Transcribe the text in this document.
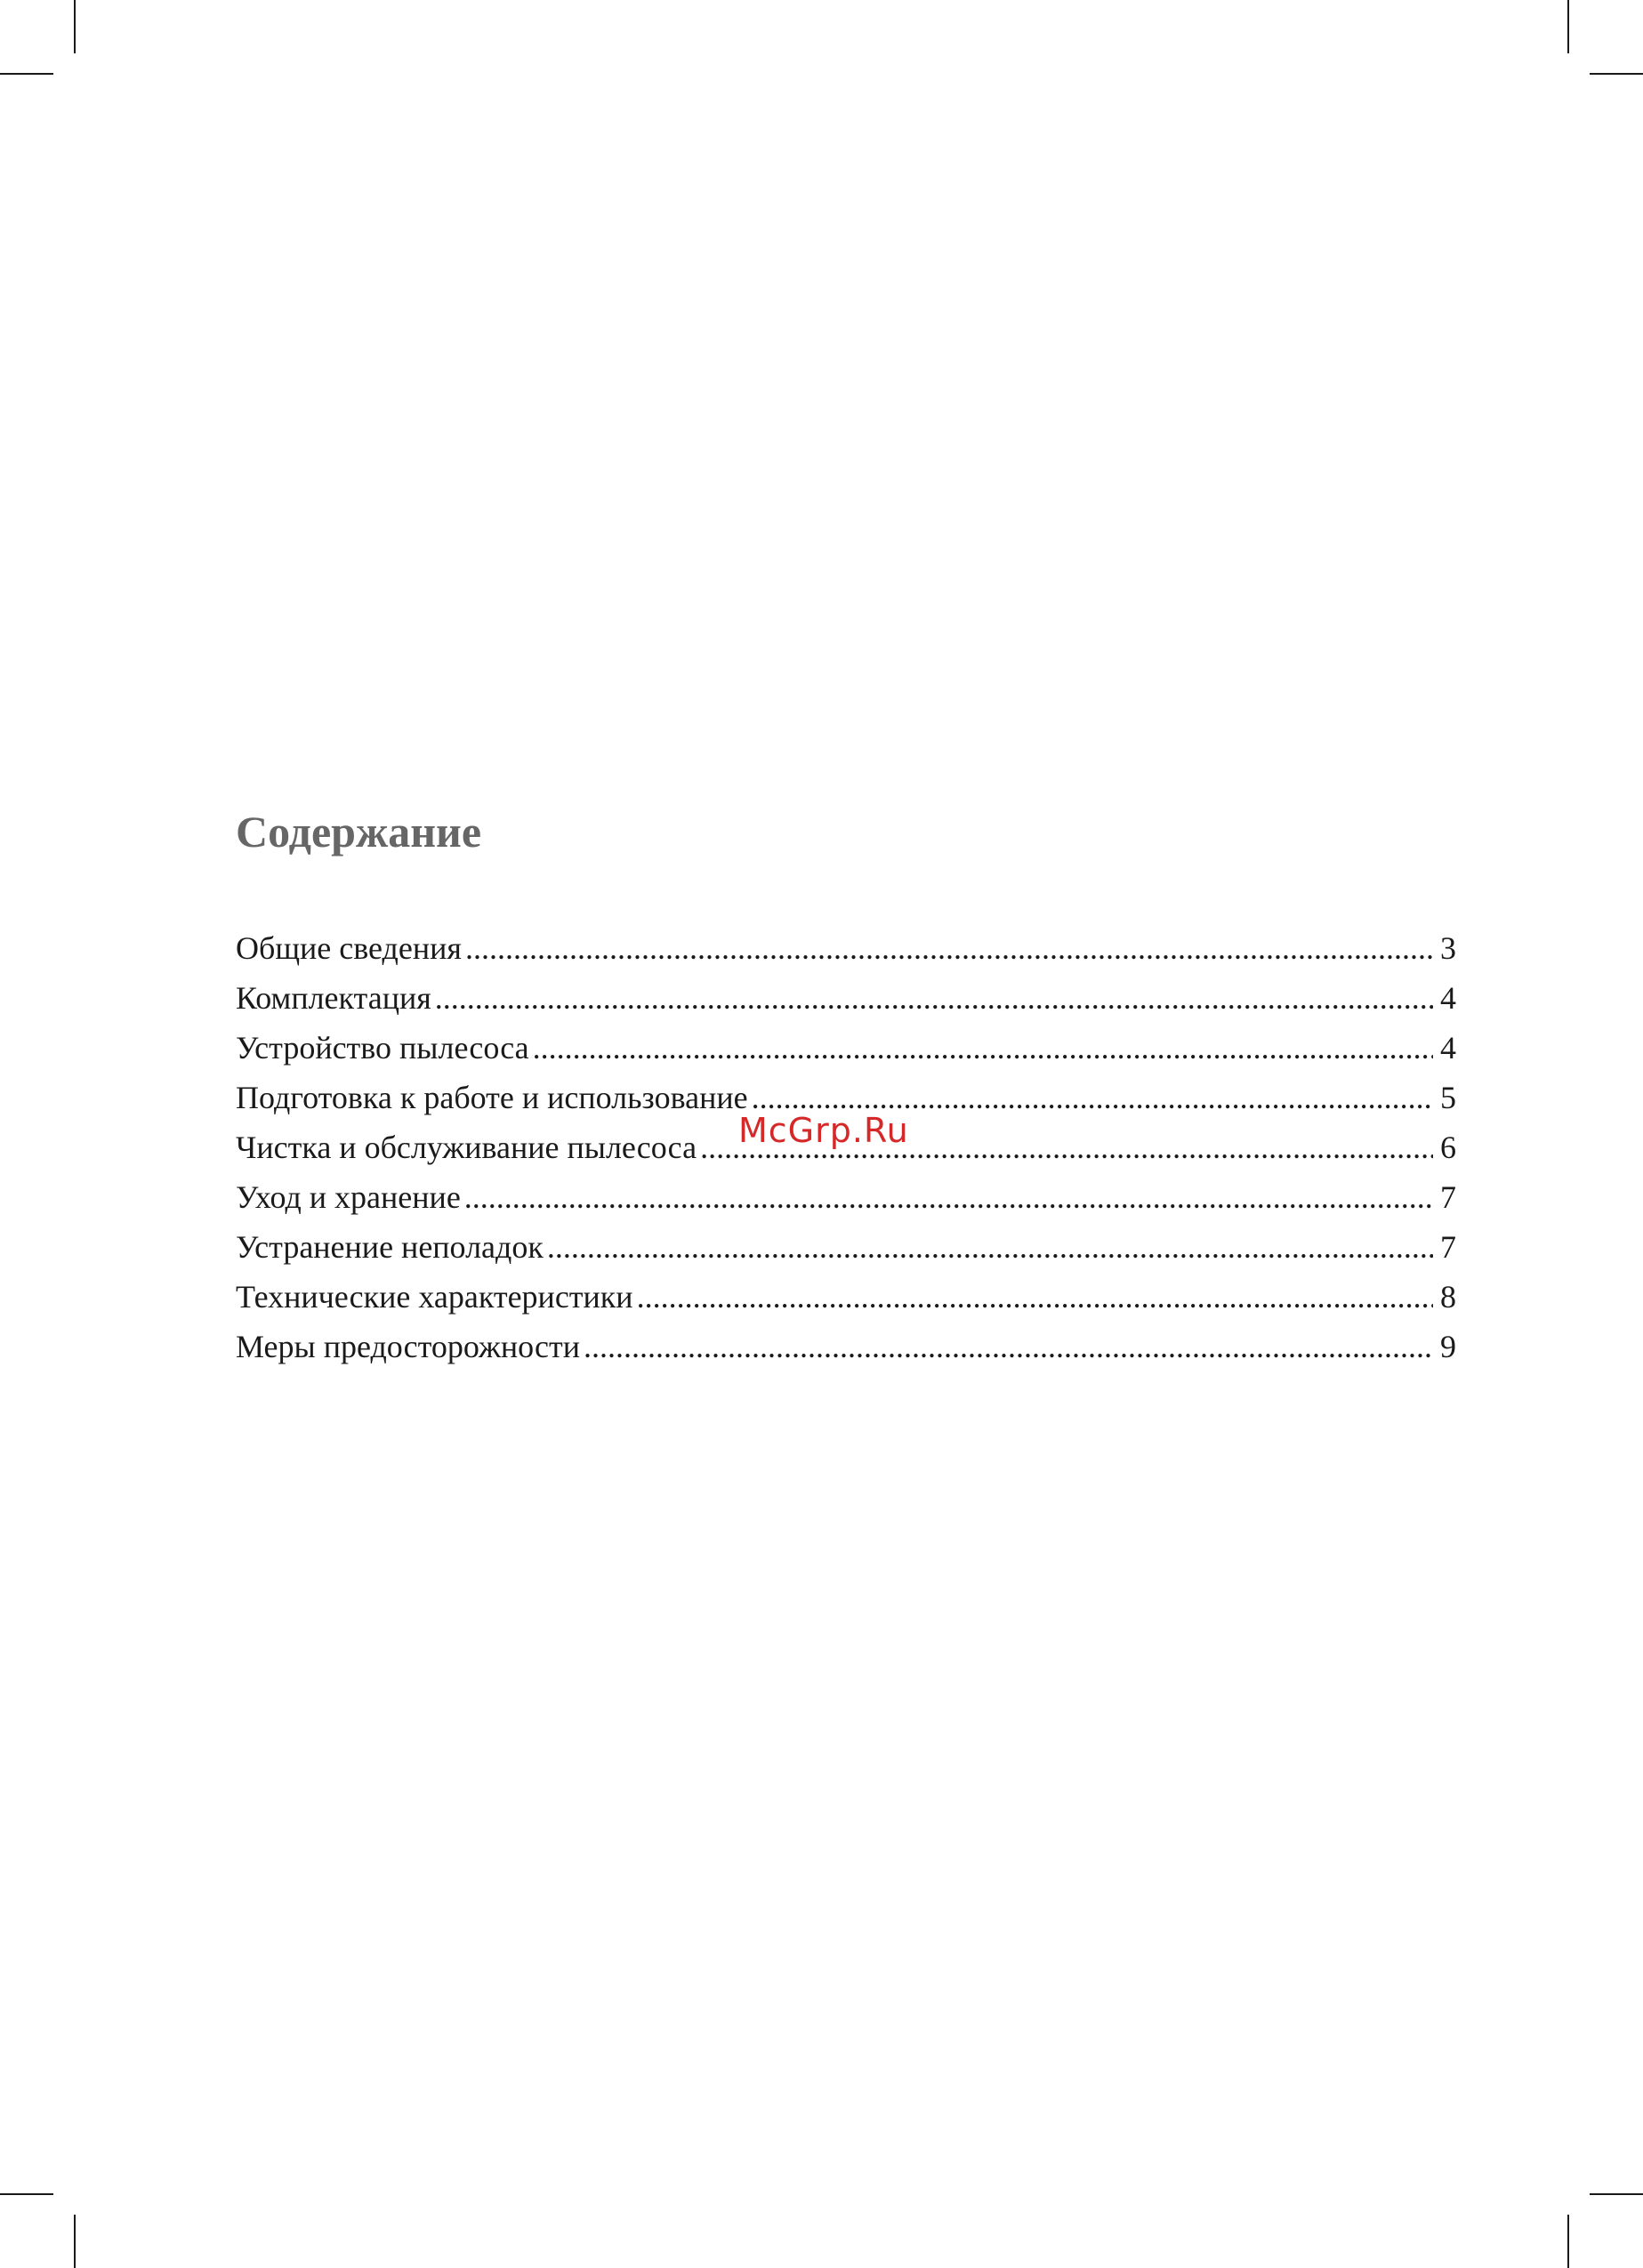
Содержание
Общие сведения .....	3
Комплектация .....	4
Устройство пылесоса .....	4
Подготовка к работе и использование .....	5
Чистка и обслуживание пылесоса .....	6
Уход и хранение .....	7
Устранение неполадок .....	7
Технические характеристики .....	8
Меры предосторожности .....	9
McGrp.Ru
